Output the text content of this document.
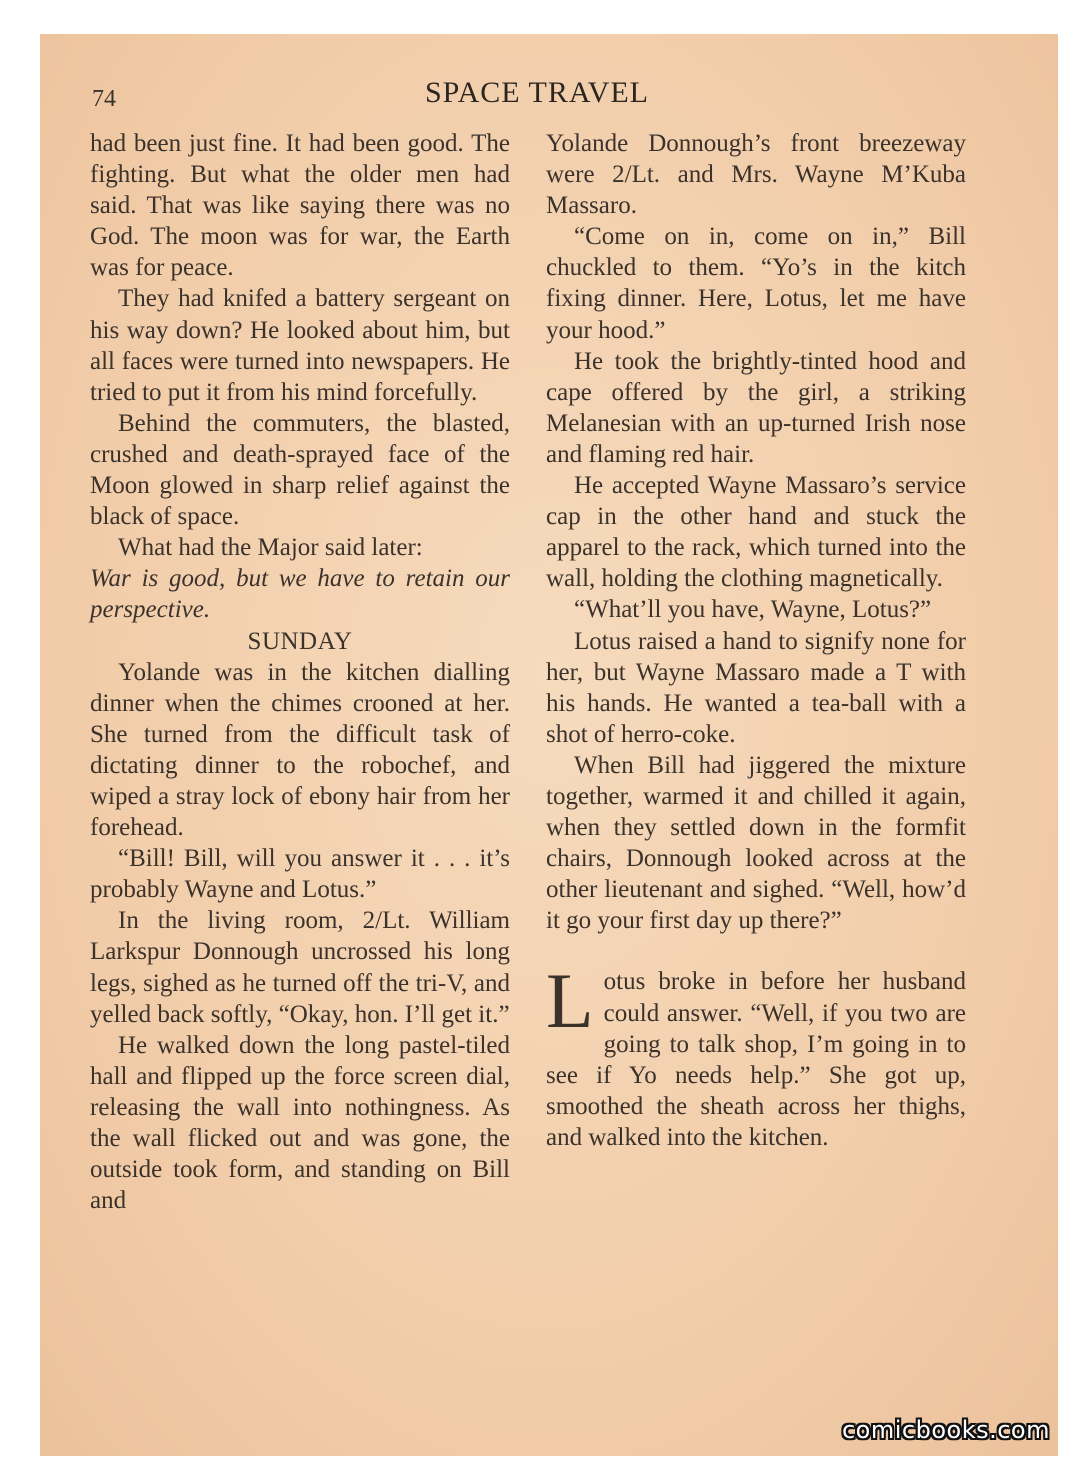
74	SPACE TRAVEL

had been just fine. It had been good. The fighting. But what the older men had said. That was like saying there was no God. The moon was for war, the Earth was for peace.

They had knifed a battery sergeant on his way down? He looked about him, but all faces were turned into newspapers. He tried to put it from his mind forcefully.

Behind the commuters, the blasted, crushed and death-sprayed face of the Moon glowed in sharp relief against the black of space.

What had the Major said later:

War is good, but we have to retain our perspective.

SUNDAY

Yolande was in the kitchen dialling dinner when the chimes crooned at her. She turned from the difficult task of dictating dinner to the robochef, and wiped a stray lock of ebony hair from her forehead.

“Bill! Bill, will you answer it . . . it’s probably Wayne and Lotus.”

In the living room, 2/Lt. William Larkspur Donnough uncrossed his long legs, sighed as he turned off the tri-V, and yelled back softly, “Okay, hon. I’ll get it.”

He walked down the long pastel-tiled hall and flipped up the force screen dial, releasing the wall into nothingness. As the wall flicked out and was gone, the outside took form, and standing on Bill and

Yolande Donnough’s front breezeway were 2/Lt. and Mrs. Wayne M’Kuba Massaro.

“Come on in, come on in,” Bill chuckled to them. “Yo’s in the kitch fixing dinner. Here, Lotus, let me have your hood.”

He took the brightly-tinted hood and cape offered by the girl, a striking Melanesian with an up-turned Irish nose and flaming red hair.

He accepted Wayne Massaro’s service cap in the other hand and stuck the apparel to the rack, which turned into the wall, holding the clothing magnetically.

“What’ll you have, Wayne, Lotus?”

Lotus raised a hand to signify none for her, but Wayne Massaro made a T with his hands. He wanted a tea-ball with a shot of herro-coke.

When Bill had jiggered the mixture together, warmed it and chilled it again, when they settled down in the formfit chairs, Donnough looked across at the other lieutenant and sighed. “Well, how’d it go your first day up there?”

Lotus broke in before her husband could answer. “Well, if you two are going to talk shop, I’m going in to see if Yo needs help.” She got up, smoothed the sheath across her thighs, and walked into the kitchen.

comicbooks.com
